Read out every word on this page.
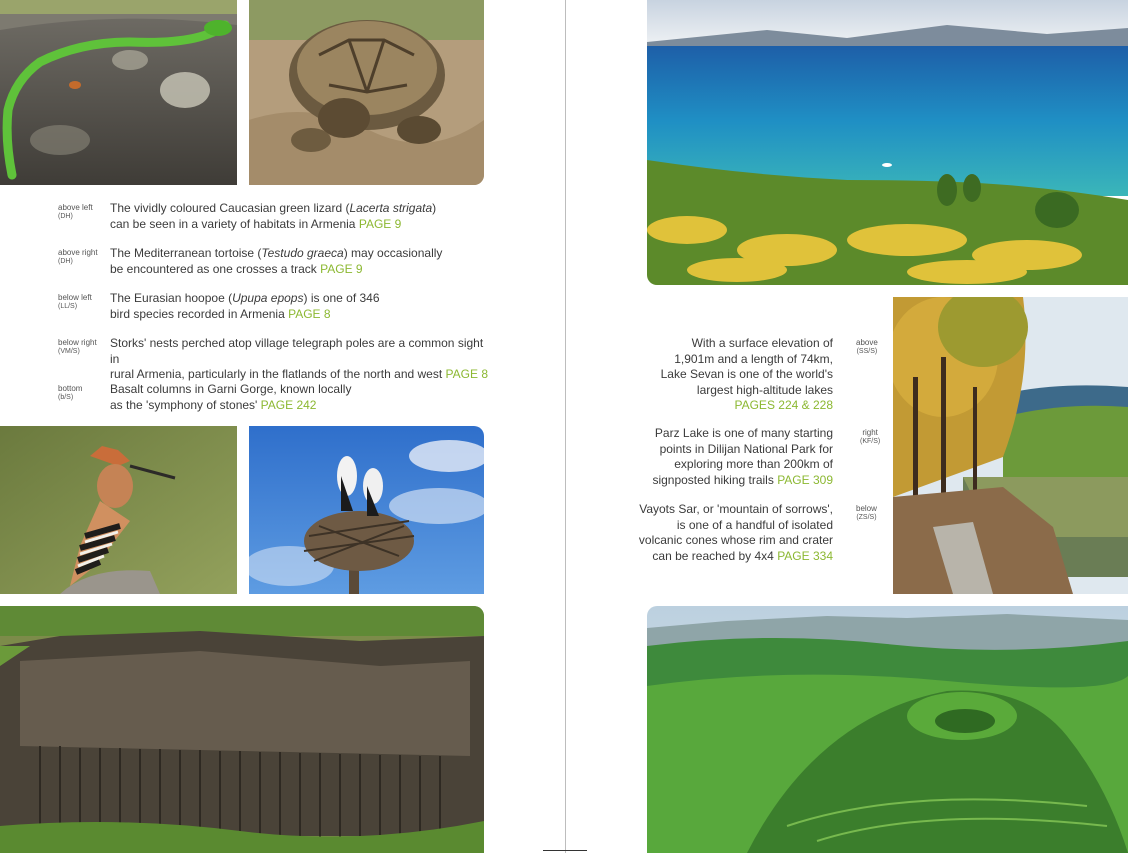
above left
(DH)
The vividly coloured Caucasian green lizard (Lacerta strigata)
can be seen in a variety of habitats in Armenia PAGE 9
above right
(DH)
The Mediterranean tortoise (Testudo graeca) may occasionally
be encountered as one crosses a track PAGE 9
below left
(LL/S)
The Eurasian hoopoe (Upupa epops) is one of 346
bird species recorded in Armenia PAGE 8
below right
(VM/S)
Storks' nests perched atop village telegraph poles are a common sight in
rural Armenia, particularly in the flatlands of the north and west PAGE 8
bottom
(b/S)
Basalt columns in Garni Gorge, known locally
as the 'symphony of stones' PAGE 242
With a surface elevation of
1,901m and a length of 74km,
Lake Sevan is one of the world's
largest high-altitude lakes
PAGES 224 & 228
above
(SS/S)
Parz Lake is one of many starting
points in Dilijan National Park for
exploring more than 200km of
signposted hiking trails PAGE 309
right
(KF/S)
Vayots Sar, or 'mountain of sorrows',
is one of a handful of isolated
volcanic cones whose rim and crater
can be reached by 4x4 PAGE 334
below
(ZS/S)
